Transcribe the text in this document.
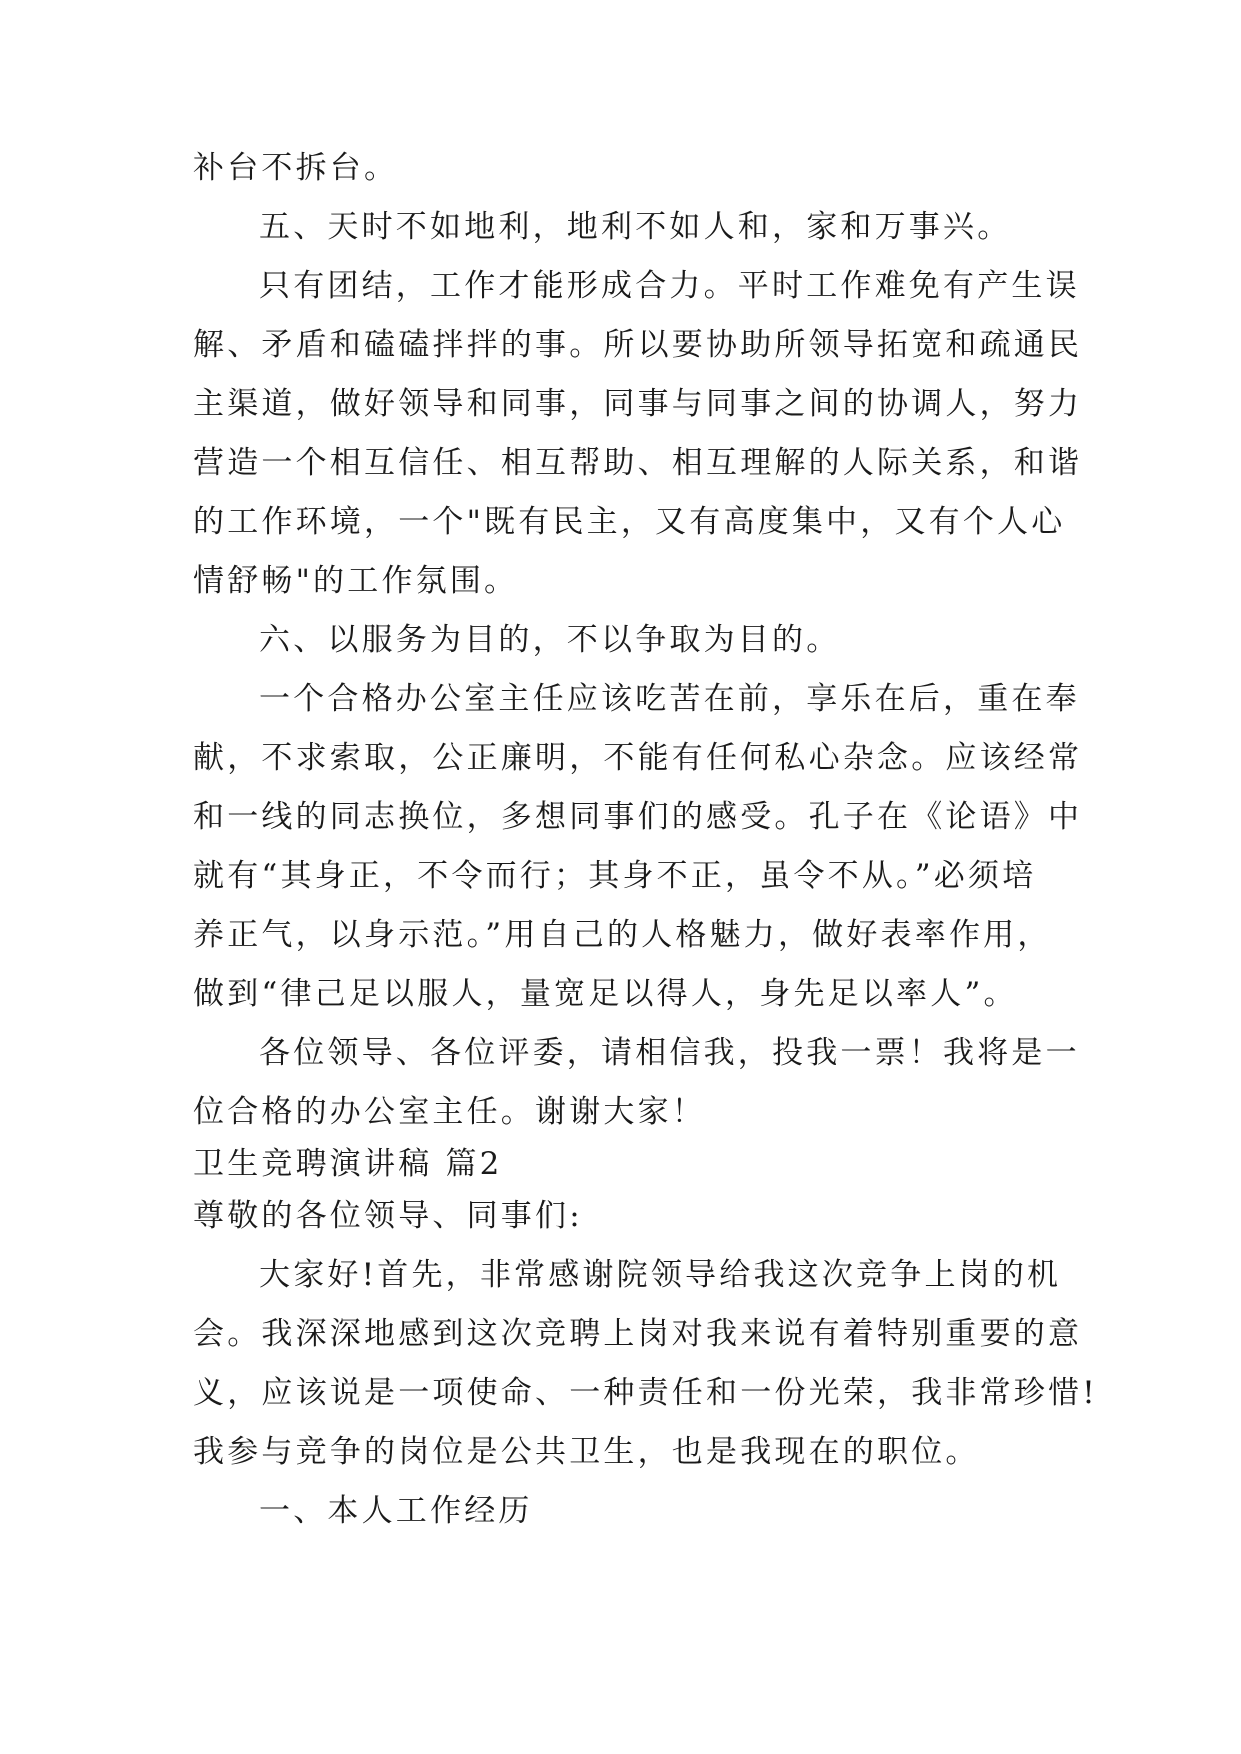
补台不拆台。

五、天时不如地利，地利不如人和，家和万事兴。

只有团结，工作才能形成合力。平时工作难免有产生误

解、矛盾和磕磕拌拌的事。所以要协助所领导拓宽和疏通民

主渠道，做好领导和同事，同事与同事之间的协调人，努力

营造一个相互信任、相互帮助、相互理解的人际关系，和谐

的工作环境，一个"既有民主，又有高度集中，又有个人心

情舒畅"的工作氛围。

六、以服务为目的，不以争取为目的。

一个合格办公室主任应该吃苦在前，享乐在后，重在奉

献，不求索取，公正廉明，不能有任何私心杂念。应该经常

和一线的同志换位，多想同事们的感受。孔子在《论语》中

就有“其身正，不令而行；其身不正，虽令不从。”必须培

养正气，以身示范。”用自己的人格魅力，做好表率作用，

做到“律己足以服人，量宽足以得人，身先足以率人”。

各位领导、各位评委，请相信我，投我一票！我将是一

位合格的办公室主任。谢谢大家！

卫生竞聘演讲稿 篇2

尊敬的各位领导、同事们:

大家好!首先，非常感谢院领导给我这次竞争上岗的机

会。我深深地感到这次竞聘上岗对我来说有着特别重要的意

义，应该说是一项使命、一种责任和一份光荣，我非常珍惜!

我参与竞争的岗位是公共卫生，也是我现在的职位。

一、本人工作经历
